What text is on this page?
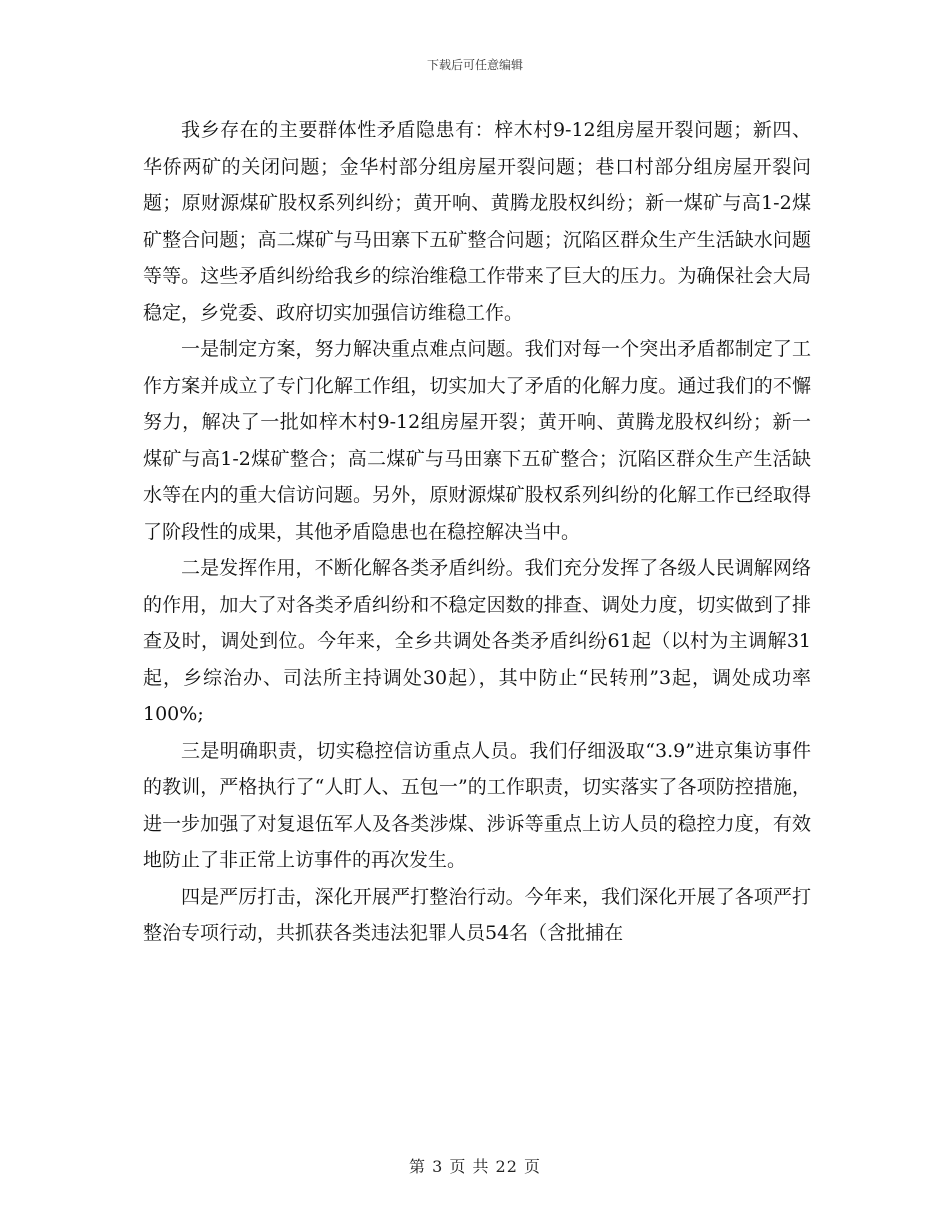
下载后可任意编辑

我乡存在的主要群体性矛盾隐患有：梓木村9-12组房屋开裂问题；新四、华侨两矿的关闭问题；金华村部分组房屋开裂问题；巷口村部分组房屋开裂问题；原财源煤矿股权系列纠纷；黄开响、黄腾龙股权纠纷；新一煤矿与高1-2煤矿整合问题；高二煤矿与马田寨下五矿整合问题；沉陷区群众生产生活缺水问题等等。这些矛盾纠纷给我乡的综治维稳工作带来了巨大的压力。为确保社会大局稳定，乡党委、政府切实加强信访维稳工作。

一是制定方案，努力解决重点难点问题。我们对每一个突出矛盾都制定了工作方案并成立了专门化解工作组，切实加大了矛盾的化解力度。通过我们的不懈努力，解决了一批如梓木村9-12组房屋开裂；黄开响、黄腾龙股权纠纷；新一煤矿与高1-2煤矿整合；高二煤矿与马田寨下五矿整合；沉陷区群众生产生活缺水等在内的重大信访问题。另外，原财源煤矿股权系列纠纷的化解工作已经取得了阶段性的成果，其他矛盾隐患也在稳控解决当中。

二是发挥作用，不断化解各类矛盾纠纷。我们充分发挥了各级人民调解网络的作用，加大了对各类矛盾纠纷和不稳定因数的排查、调处力度，切实做到了排查及时，调处到位。今年来，全乡共调处各类矛盾纠纷61起（以村为主调解31起，乡综治办、司法所主持调处30起），其中防止“民转刑”3起，调处成功率100%;

三是明确职责，切实稳控信访重点人员。我们仔细汲取“3.9”进京集访事件的教训，严格执行了“人盯人、五包一”的工作职责，切实落实了各项防控措施，进一步加强了对复退伍军人及各类涉煤、涉诉等重点上访人员的稳控力度，有效地防止了非正常上访事件的再次发生。

四是严厉打击，深化开展严打整治行动。今年来，我们深化开展了各项严打整治专项行动，共抓获各类违法犯罪人员54名（含批捕在

第 3 页 共 22 页
